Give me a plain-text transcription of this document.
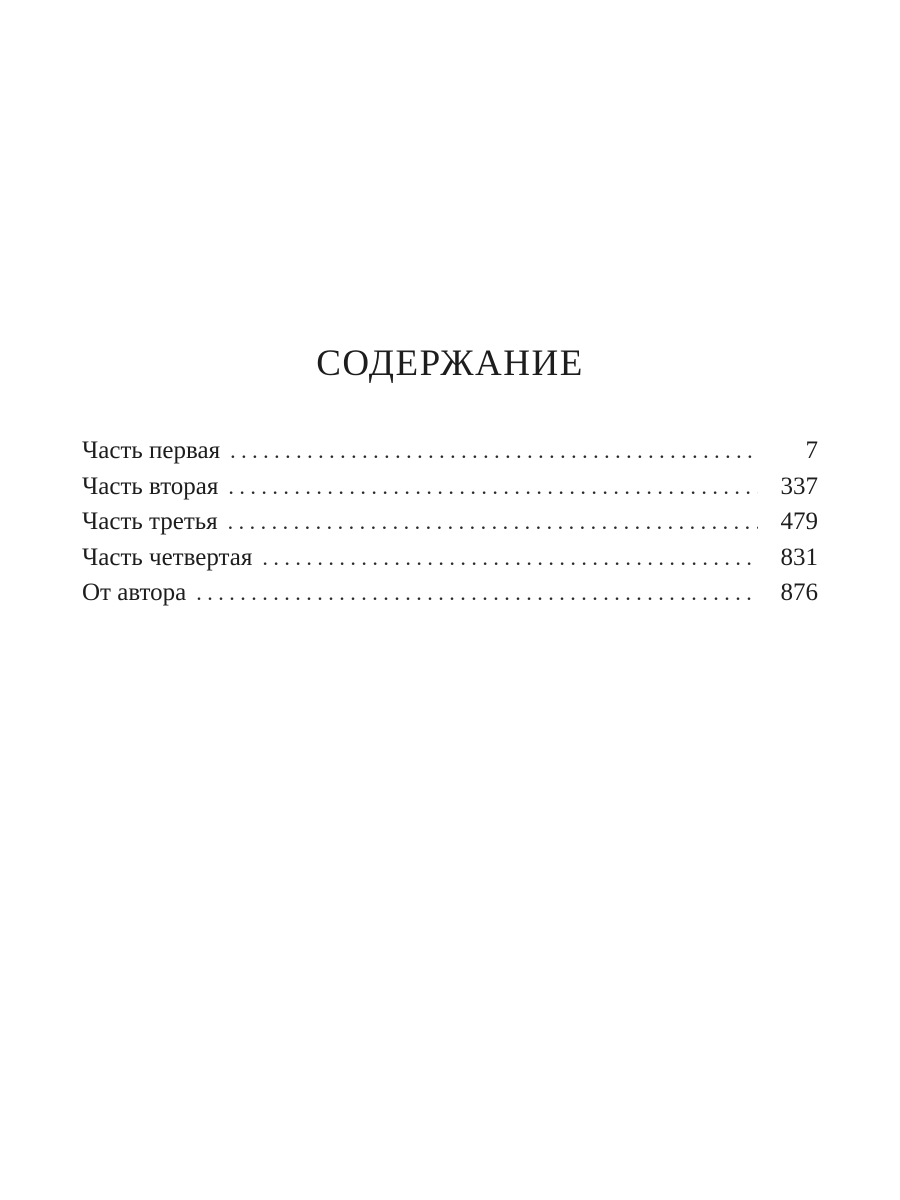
СОДЕРЖАНИЕ
Часть первая . . .	7
Часть вторая . . .	337
Часть третья . . .	479
Часть четвертая . . .	831
От автора . . .	876
